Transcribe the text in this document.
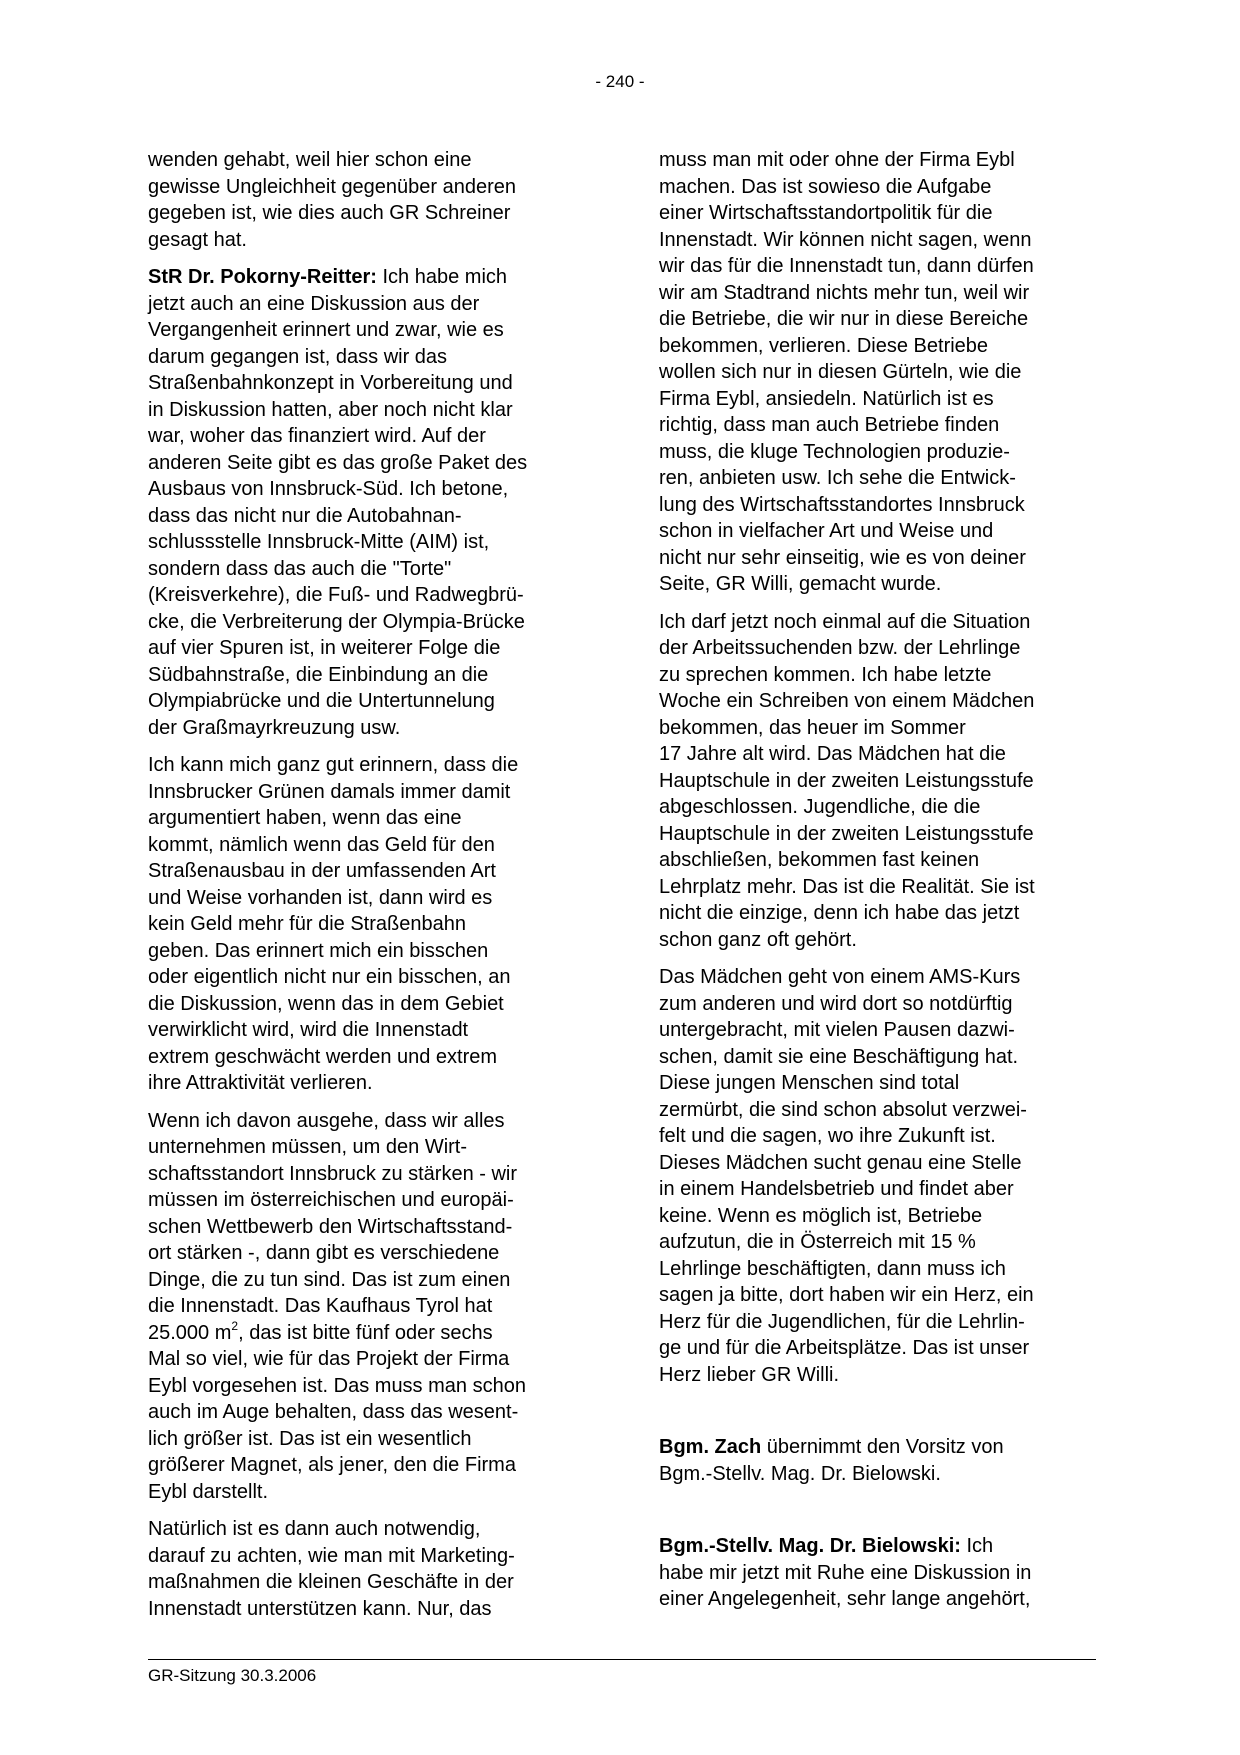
- 240 -

wenden gehabt, weil hier schon eine
gewisse Ungleichheit gegenüber anderen
gegeben ist, wie dies auch GR Schreiner
gesagt hat.

StR Dr. Pokorny-Reitter: Ich habe mich
jetzt auch an eine Diskussion aus der
Vergangenheit erinnert und zwar, wie es
darum gegangen ist, dass wir das
Straßenbahnkonzept in Vorbereitung und
in Diskussion hatten, aber noch nicht klar
war, woher das finanziert wird. Auf der
anderen Seite gibt es das große Paket des
Ausbaus von Innsbruck-Süd. Ich betone,
dass das nicht nur die Autobahnan-
schlussstelle Innsbruck-Mitte (AIM) ist,
sondern dass das auch die "Torte"
(Kreisverkehre), die Fuß- und Radwegbrü-
cke, die Verbreiterung der Olympia-Brücke
auf vier Spuren ist, in weiterer Folge die
Südbahnstraße, die Einbindung an die
Olympiabrücke und die Untertunnelung
der Graßmayrkreuzung usw.

Ich kann mich ganz gut erinnern, dass die
Innsbrucker Grünen damals immer damit
argumentiert haben, wenn das eine
kommt, nämlich wenn das Geld für den
Straßenausbau in der umfassenden Art
und Weise vorhanden ist, dann wird es
kein Geld mehr für die Straßenbahn
geben. Das erinnert mich ein bisschen
oder eigentlich nicht nur ein bisschen, an
die Diskussion, wenn das in dem Gebiet
verwirklicht wird, wird die Innenstadt
extrem geschwächt werden und extrem
ihre Attraktivität verlieren.

Wenn ich davon ausgehe, dass wir alles
unternehmen müssen, um den Wirt-
schaftsstandort Innsbruck zu stärken - wir
müssen im österreichischen und europäi-
schen Wettbewerb den Wirtschaftsstand-
ort stärken -, dann gibt es verschiedene
Dinge, die zu tun sind. Das ist zum einen
die Innenstadt. Das Kaufhaus Tyrol hat
25.000 $m^2$, das ist bitte fünf oder sechs
Mal so viel, wie für das Projekt der Firma
Eybl vorgesehen ist. Das muss man schon
auch im Auge behalten, dass das wesent-
lich größer ist. Das ist ein wesentlich
größerer Magnet, als jener, den die Firma
Eybl darstellt.

Natürlich ist es dann auch notwendig,
darauf zu achten, wie man mit Marketing-
maßnahmen die kleinen Geschäfte in der
Innenstadt unterstützen kann. Nur, das

muss man mit oder ohne der Firma Eybl
machen. Das ist sowieso die Aufgabe
einer Wirtschaftsstandortpolitik für die
Innenstadt. Wir können nicht sagen, wenn
wir das für die Innenstadt tun, dann dürfen
wir am Stadtrand nichts mehr tun, weil wir
die Betriebe, die wir nur in diese Bereiche
bekommen, verlieren. Diese Betriebe
wollen sich nur in diesen Gürteln, wie die
Firma Eybl, ansiedeln. Natürlich ist es
richtig, dass man auch Betriebe finden
muss, die kluge Technologien produzie-
ren, anbieten usw. Ich sehe die Entwick-
lung des Wirtschaftsstandortes Innsbruck
schon in vielfacher Art und Weise und
nicht nur sehr einseitig, wie es von deiner
Seite, GR Willi, gemacht wurde.

Ich darf jetzt noch einmal auf die Situation
der Arbeitssuchenden bzw. der Lehrlinge
zu sprechen kommen. Ich habe letzte
Woche ein Schreiben von einem Mädchen
bekommen, das heuer im Sommer
17 Jahre alt wird. Das Mädchen hat die
Hauptschule in der zweiten Leistungsstufe
abgeschlossen. Jugendliche, die die
Hauptschule in der zweiten Leistungsstufe
abschließen, bekommen fast keinen
Lehrplatz mehr. Das ist die Realität. Sie ist
nicht die einzige, denn ich habe das jetzt
schon ganz oft gehört.

Das Mädchen geht von einem AMS-Kurs
zum anderen und wird dort so notdürftig
untergebracht, mit vielen Pausen dazwi-
schen, damit sie eine Beschäftigung hat.
Diese jungen Menschen sind total
zermürbt, die sind schon absolut verzwei-
felt und die sagen, wo ihre Zukunft ist.
Dieses Mädchen sucht genau eine Stelle
in einem Handelsbetrieb und findet aber
keine. Wenn es möglich ist, Betriebe
aufzutun, die in Österreich mit 15 %
Lehrlinge beschäftigten, dann muss ich
sagen ja bitte, dort haben wir ein Herz, ein
Herz für die Jugendlichen, für die Lehrlin-
ge und für die Arbeitsplätze. Das ist unser
Herz lieber GR Willi.

Bgm. Zach übernimmt den Vorsitz von
Bgm.-Stellv. Mag. Dr. Bielowski.

Bgm.-Stellv. Mag. Dr. Bielowski: Ich
habe mir jetzt mit Ruhe eine Diskussion in
einer Angelegenheit, sehr lange angehört,

GR-Sitzung 30.3.2006
